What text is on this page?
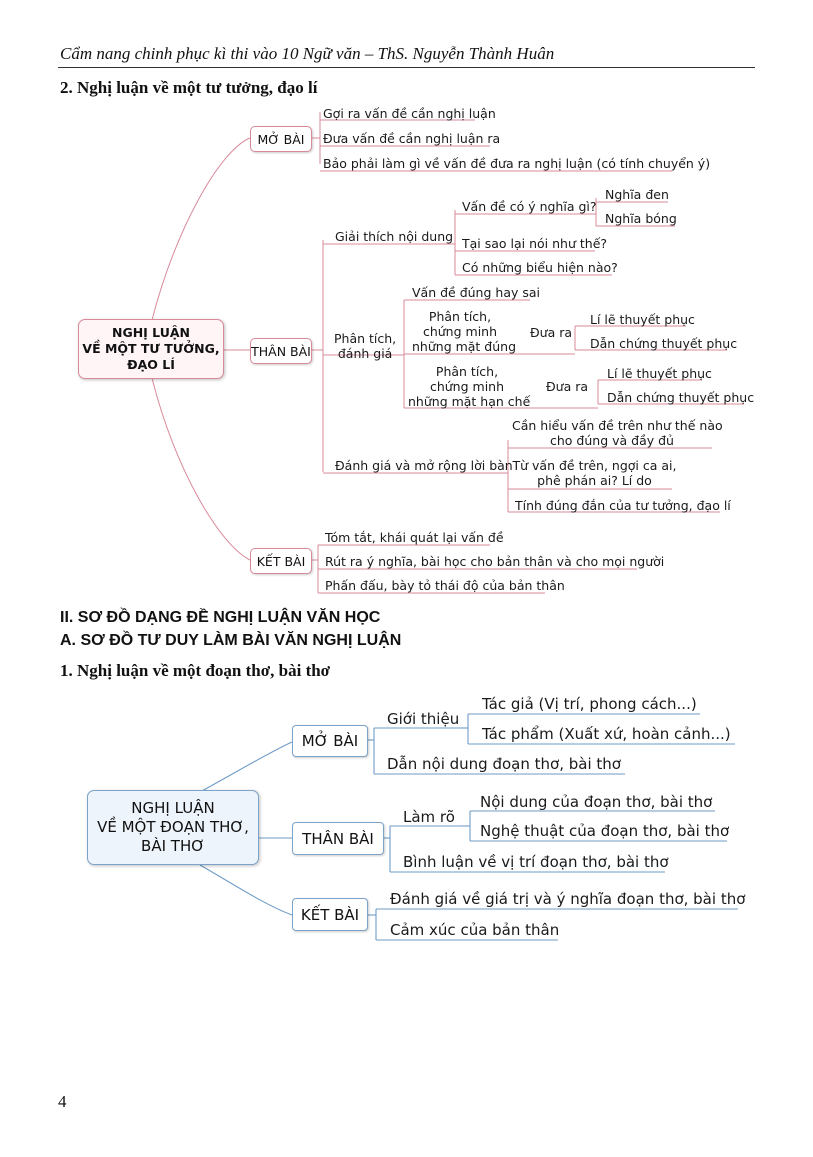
Cẩm nang chinh phục kì thi vào 10 Ngữ văn – ThS. Nguyễn Thành Huân
2. Nghị luận về một tư tưởng, đạo lí
NGHỊ LUẬN
VỀ MỘT TƯ TƯỞNG,
ĐẠO LÍ
MỞ BÀI
THÂN BÀI
KẾT BÀI
Gợi ra vấn đề cần nghị luận
Đưa vấn đề cần nghị luận ra
Bảo phải làm gì về vấn đề đưa ra nghị luận (có tính chuyển ý)
Giải thích nội dung
Vấn đề có ý nghĩa gì?
Nghĩa đen
Nghĩa bóng
Tại sao lại nói như thế?
Có những biểu hiện nào?
Phân tích,
đánh giá
Vấn đề đúng hay sai
Phân tích,
chứng minh
những mặt đúng
Đưa ra
Lí lẽ thuyết phục
Dẫn chứng thuyết phục
Phân tích,
chứng minh
những mặt hạn chế
Đưa ra
Lí lẽ thuyết phục
Dẫn chứng thuyết phục
Đánh giá và mở rộng lời bàn
Cần hiểu vấn đề trên như thế nào
cho đúng và đầy đủ
Từ vấn đề trên, ngợi ca ai,
phê phán ai? Lí do
Tính đúng đắn của tư tưởng, đạo lí
Tóm tắt, khái quát lại vấn đề
Rút ra ý nghĩa, bài học cho bản thân và cho mọi người
Phấn đấu, bày tỏ thái độ của bản thân
II. SƠ ĐỒ DẠNG ĐỀ NGHỊ LUẬN VĂN HỌC
A. SƠ ĐỒ TƯ DUY LÀM BÀI VĂN NGHỊ LUẬN
1. Nghị luận về một đoạn thơ, bài thơ
NGHỊ LUẬN
VỀ MỘT ĐOẠN THƠ,
BÀI THƠ
MỞ BÀI
THÂN BÀI
KẾT BÀI
Giới thiệu
Tác giả (Vị trí, phong cách...)
Tác phẩm (Xuất xứ, hoàn cảnh...)
Dẫn nội dung đoạn thơ, bài thơ
Làm rõ
Nội dung của đoạn thơ, bài thơ
Nghệ thuật của đoạn thơ, bài thơ
Bình luận về vị trí đoạn thơ, bài thơ
Đánh giá về giá trị và ý nghĩa đoạn thơ, bài thơ
Cảm xúc của bản thân
4
